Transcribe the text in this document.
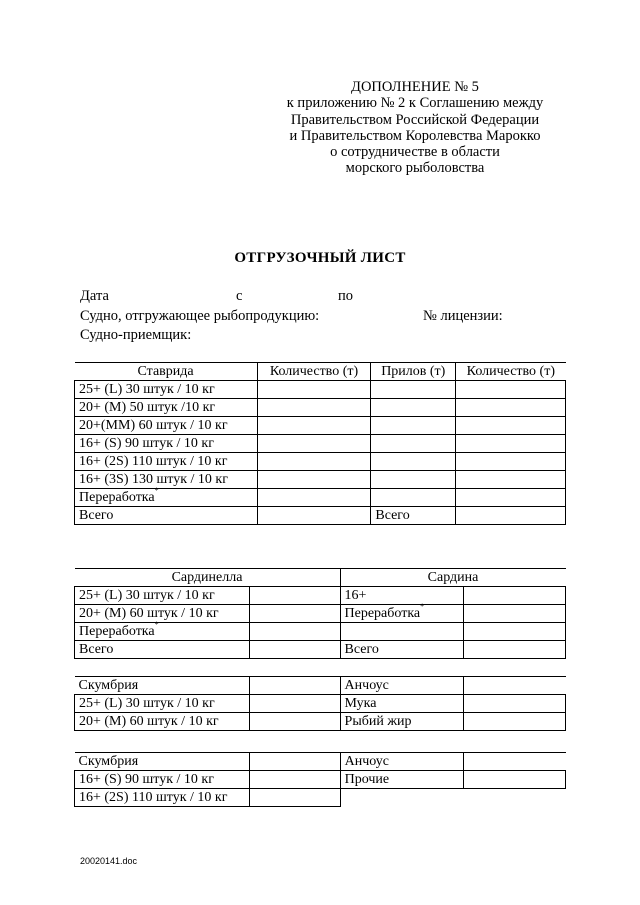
ДОПОЛНЕНИЕ № 5
к приложению № 2 к Соглашению между
Правительством Российской Федерации
и Правительством Королевства Марокко
о сотрудничестве в области
морского рыболовства
ОТГРУЗОЧНЫЙ ЛИСТ
Дата	с	по
Судно, отгружающее рыбопродукцию:	№ лицензии:
Судно-приемщик:
Ставрида	Количество (т)	Прилов (т)	Количество (т)
25+ (L) 30 штук / 10 кг			
20+ (M) 50 штук /10 кг			
20+(MM) 60 штук / 10 кг			
16+ (S) 90 штук / 10 кг			
16+ (2S) 110 штук / 10 кг			
16+ (3S) 130 штук / 10 кг			
Переработка*			
Всего		Всего	
Сардинелла		Сардина	
25+ (L) 30 штук / 10 кг		16+	
20+ (M) 60 штук / 10 кг		Переработка*	
Переработка*			
Всего		Всего	
Скумбрия		Анчоус	
25+ (L) 30 штук / 10 кг		Мука	
20+ (M) 60 штук / 10 кг		Рыбий жир	
Скумбрия		Анчоус	
16+ (S) 90 штук / 10 кг		Прочие	
16+ (2S) 110 штук / 10 кг			
20020141.doc
